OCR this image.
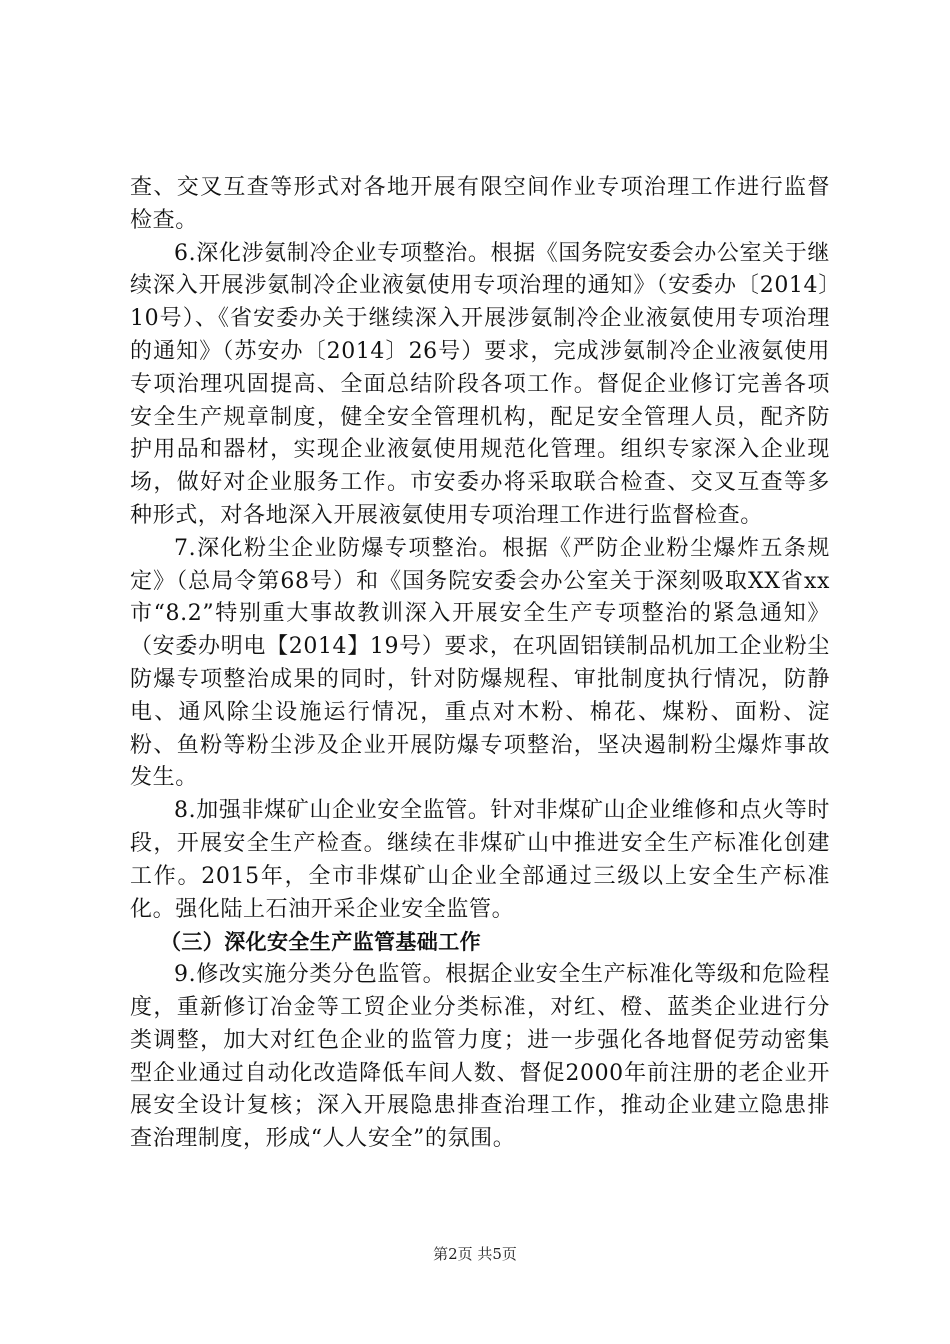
查、交叉互查等形式对各地开展有限空间作业专项治理工作进行监督检查。

6.深化涉氨制冷企业专项整治。根据《国务院安委会办公室关于继续深入开展涉氨制冷企业液氨使用专项治理的通知》（安委办〔2014〕10号）、《省安委办关于继续深入开展涉氨制冷企业液氨使用专项治理的通知》（苏安办〔2014〕26号）要求，完成涉氨制冷企业液氨使用专项治理巩固提高、全面总结阶段各项工作。督促企业修订完善各项安全生产规章制度，健全安全管理机构，配足安全管理人员，配齐防护用品和器材，实现企业液氨使用规范化管理。组织专家深入企业现场，做好对企业服务工作。市安委办将采取联合检查、交叉互查等多种形式，对各地深入开展液氨使用专项治理工作进行监督检查。

7.深化粉尘企业防爆专项整治。根据《严防企业粉尘爆炸五条规定》（总局令第68号）和《国务院安委会办公室关于深刻吸取XX省xx市“8.2”特别重大事故教训深入开展安全生产专项整治的紧急通知》（安委办明电【2014】19号）要求，在巩固铝镁制品机加工企业粉尘防爆专项整治成果的同时，针对防爆规程、审批制度执行情况，防静电、通风除尘设施运行情况，重点对木粉、棉花、煤粉、面粉、淀粉、鱼粉等粉尘涉及企业开展防爆专项整治，坚决遏制粉尘爆炸事故发生。

8.加强非煤矿山企业安全监管。针对非煤矿山企业维修和点火等时段，开展安全生产检查。继续在非煤矿山中推进安全生产标准化创建工作。2015年，全市非煤矿山企业全部通过三级以上安全生产标准化。强化陆上石油开采企业安全监管。

（三）深化安全生产监管基础工作

9.修改实施分类分色监管。根据企业安全生产标准化等级和危险程度，重新修订冶金等工贸企业分类标准，对红、橙、蓝类企业进行分类调整，加大对红色企业的监管力度；进一步强化各地督促劳动密集型企业通过自动化改造降低车间人数、督促2000年前注册的老企业开展安全设计复核；深入开展隐患排查治理工作，推动企业建立隐患排查治理制度，形成“人人安全”的氛围。

第2页 共5页
